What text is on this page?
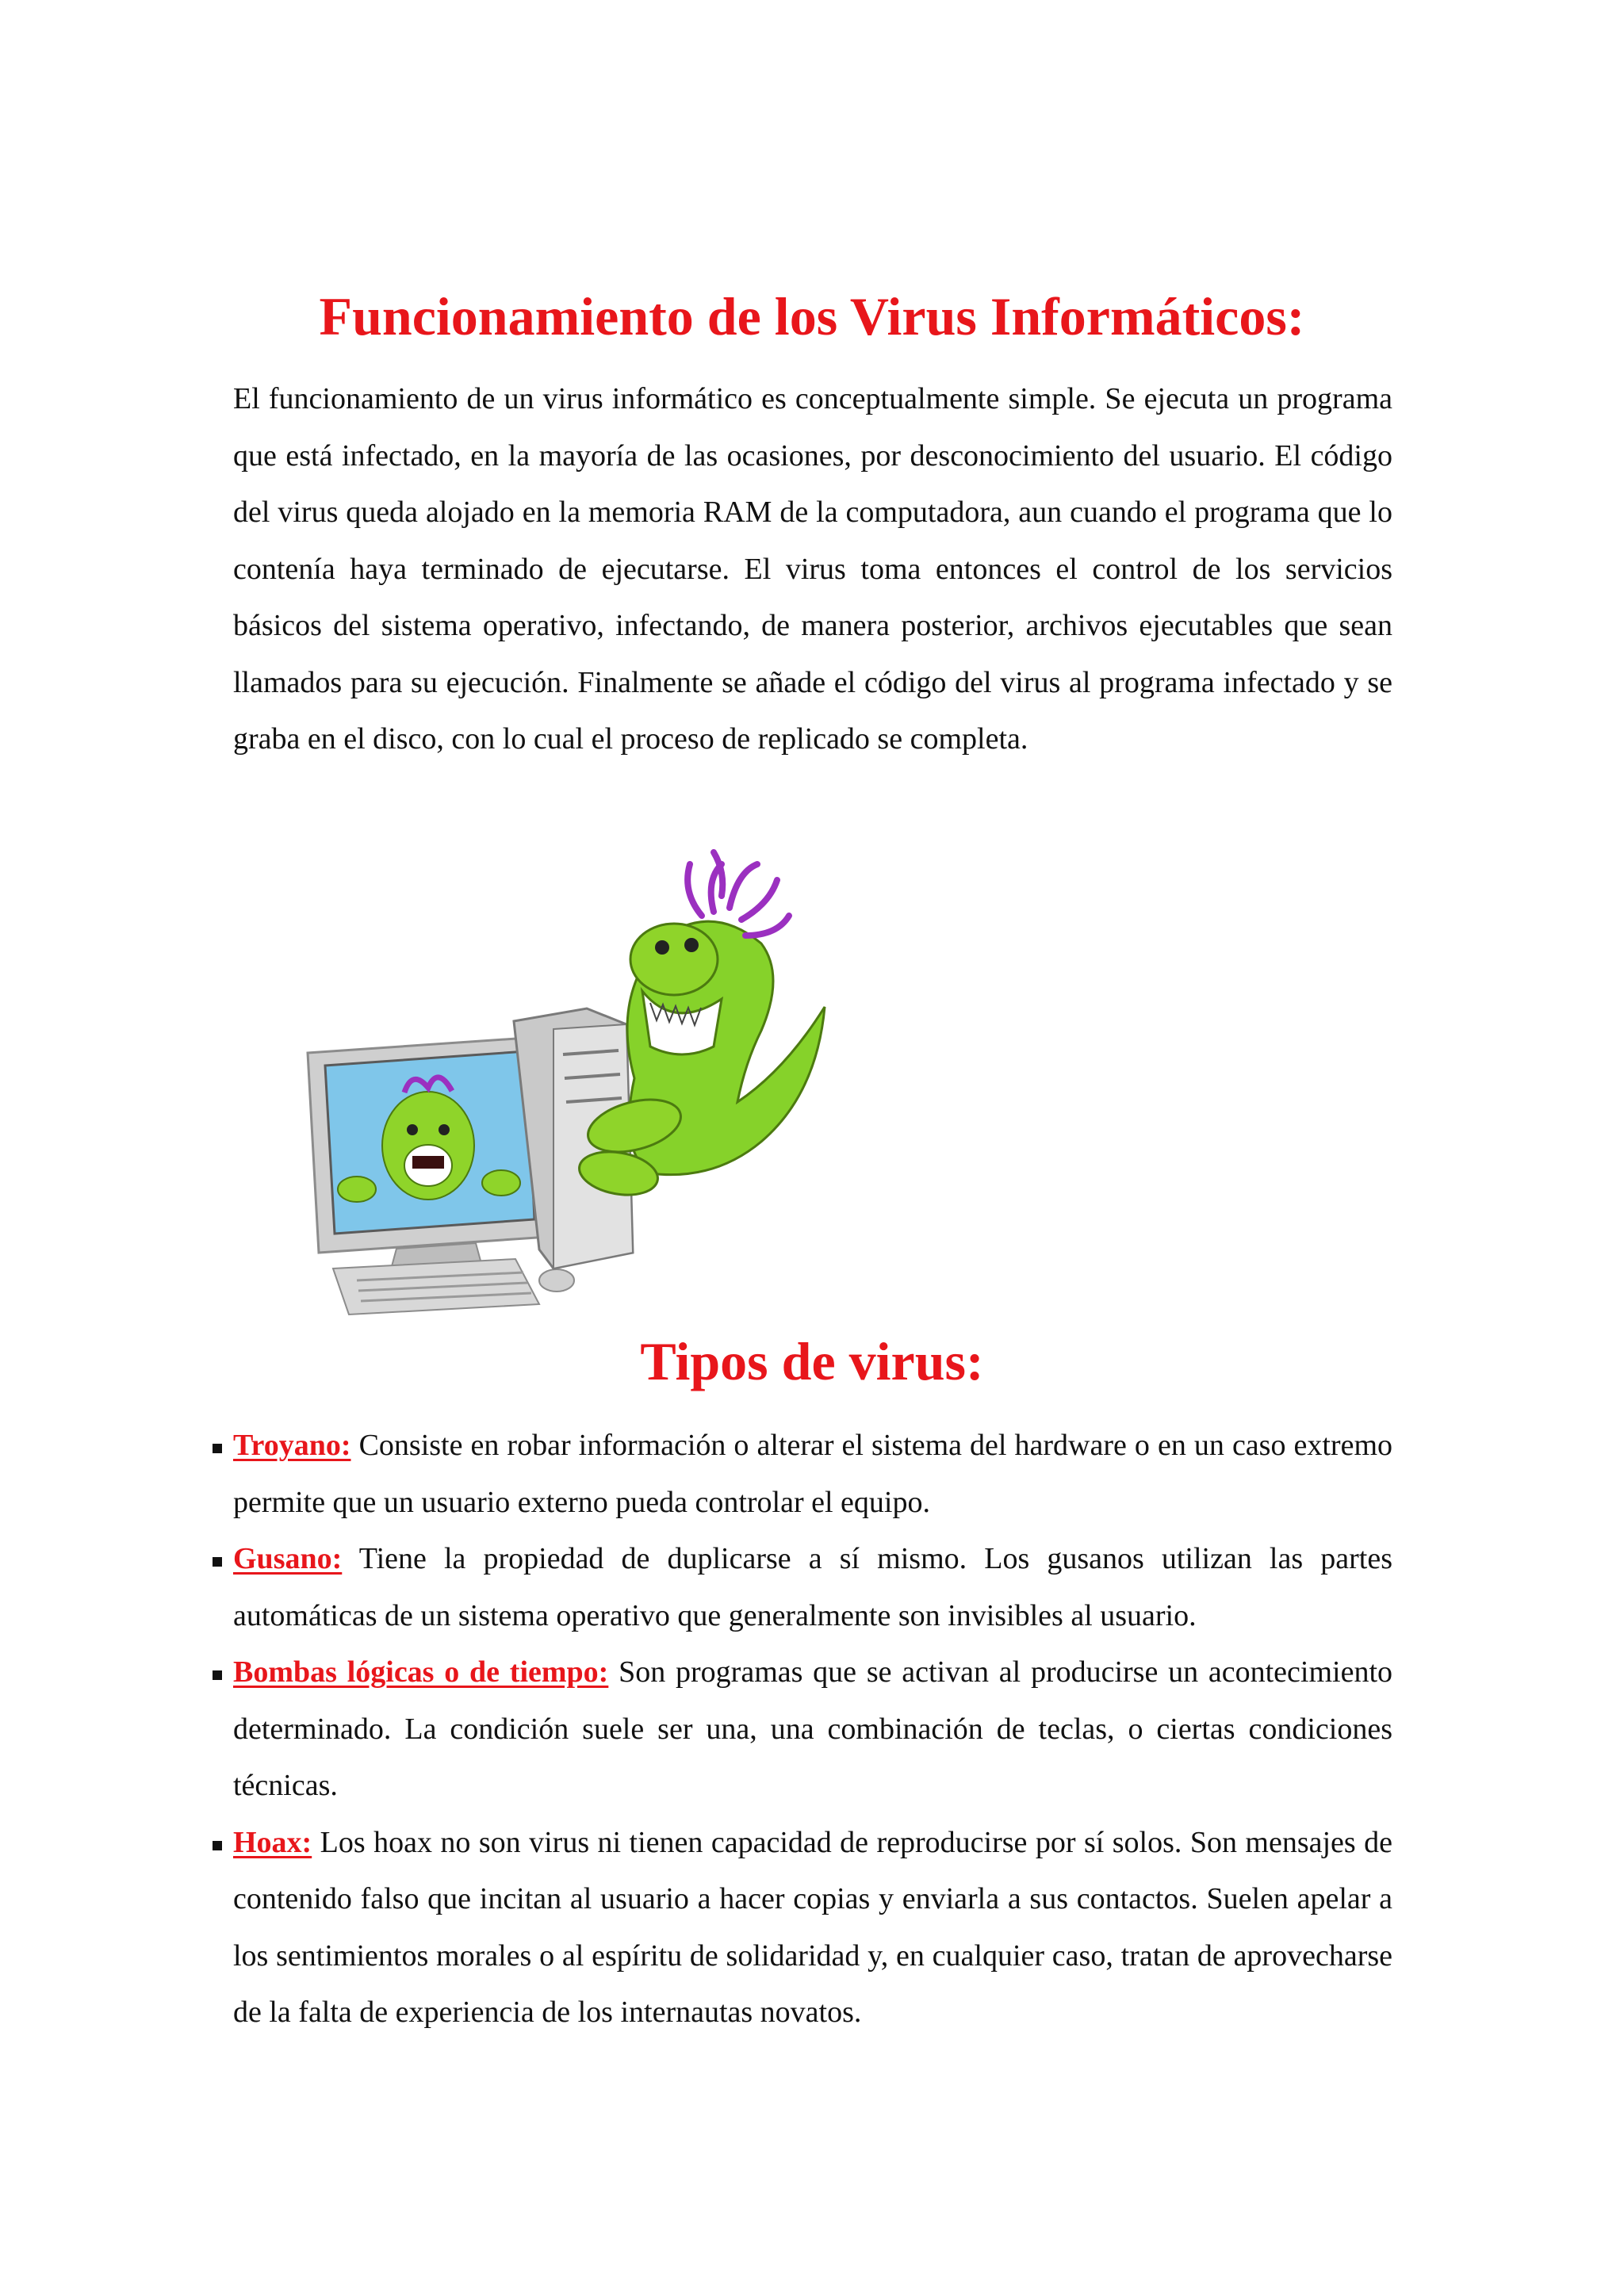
Funcionamiento de los Virus Informáticos:

El funcionamiento de un virus informático es conceptualmente simple. Se ejecuta un programa que está infectado, en la mayoría de las ocasiones, por desconocimiento del usuario. El código del virus queda alojado en la memoria RAM de la computadora, aun cuando el programa que lo contenía haya terminado de ejecutarse. El virus toma entonces el control de los servicios básicos del sistema operativo, infectando, de manera posterior, archivos ejecutables que sean llamados para su ejecución. Finalmente se añade el código del virus al programa infectado y se graba en el disco, con lo cual el proceso de replicado se completa.

Tipos de virus:
Troyano: Consiste en robar información o alterar el sistema del hardware o en un caso extremo permite que un usuario externo pueda controlar el equipo.
Gusano: Tiene la propiedad de duplicarse a sí mismo. Los gusanos utilizan las partes automáticas de un sistema operativo que generalmente son invisibles al usuario.
Bombas lógicas o de tiempo: Son programas que se activan al producirse un acontecimiento determinado. La condición suele ser una, una combinación de teclas, o ciertas condiciones técnicas.
Hoax: Los hoax no son virus ni tienen capacidad de reproducirse por sí solos. Son mensajes de contenido falso que incitan al usuario a hacer copias y enviarla a sus contactos. Suelen apelar a los sentimientos morales o al espíritu de solidaridad y, en cualquier caso, tratan de aprovecharse de la falta de experiencia de los internautas novatos.
